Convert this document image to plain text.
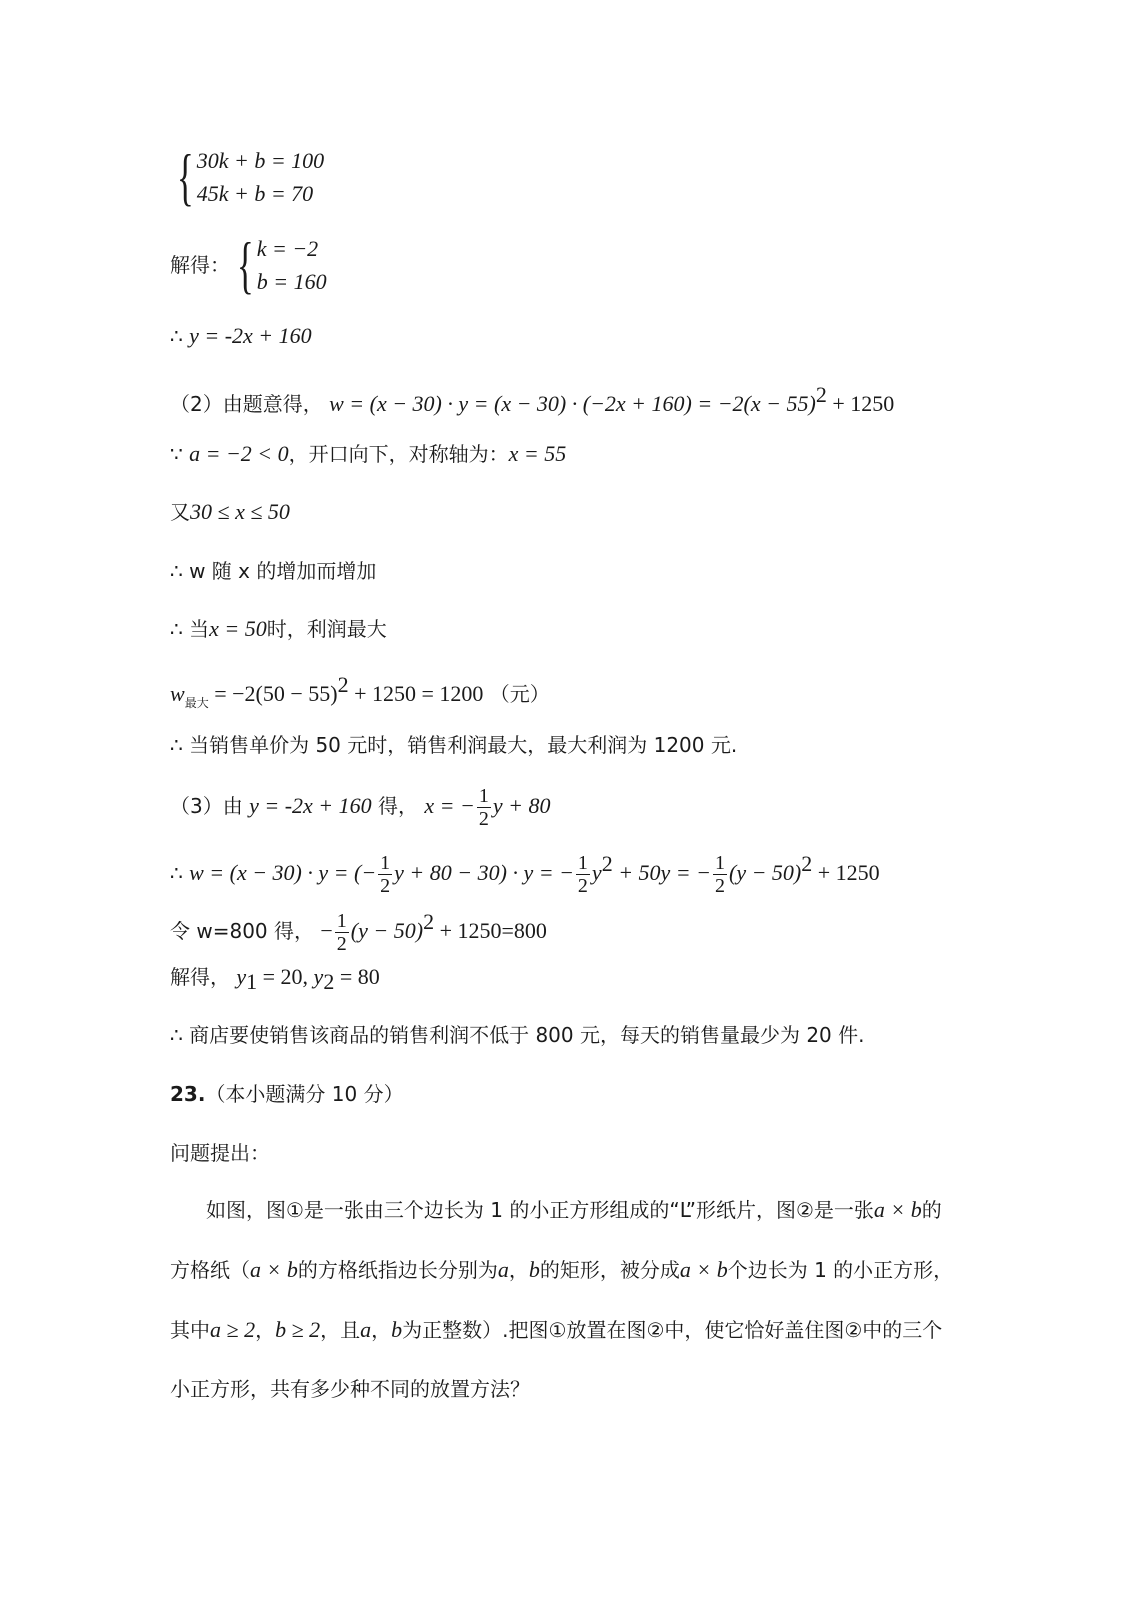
{ 30k + b = 100
45k + b = 70
解得： { k = −2
b = 160
∴ y = -2x + 160
（2）由题意得， $w = (x - 30) \cdot y = (x - 30) \cdot (-2x + 160) = -2(x - 55)^2 + 1250$
∵ a = −2 < 0，开口向下，对称轴为：x = 55
又30 ≤ x ≤ 50
∴ w 随 x 的增加而增加
∴ 当x = 50时，利润最大
$w_{最大} = -2(50 - 55)^2 + 1250 = 1200$ （元）
∴ 当销售单价为 50 元时，销售利润最大，最大利润为 1200 元.
（3）由 y = -2x + 160 得， x = − $\frac{1}{2}$ y + 80
∴ w = (x − 30) · y = (− $\frac{1}{2}$ y + 80 − 30) · y = − $\frac{1}{2} y^2 + 50y$ = − $\frac{1}{2} (y - 50)^2 + 1250$
令 w=800 得， − $\frac{1}{2} (y - 50)^2 + 1250=800$
解得， $y_1 = 20$, $y_2 = 80$
∴ 商店要使销售该商品的销售利润不低于 800 元，每天的销售量最少为 20 件.
23.（本小题满分 10 分）
问题提出：
如图，图①是一张由三个边长为 1 的小正方形组成的“L”形纸片，图②是一张a × b的方格纸（a × b的方格纸指边长分别为a，b的矩形，被分成a × b个边长为 1 的小正方形，其中a ≥ 2，b ≥ 2，且a，b为正整数）.把图①放置在图②中，使它恰好盖住图②中的三个小正方形，共有多少种不同的放置方法？
